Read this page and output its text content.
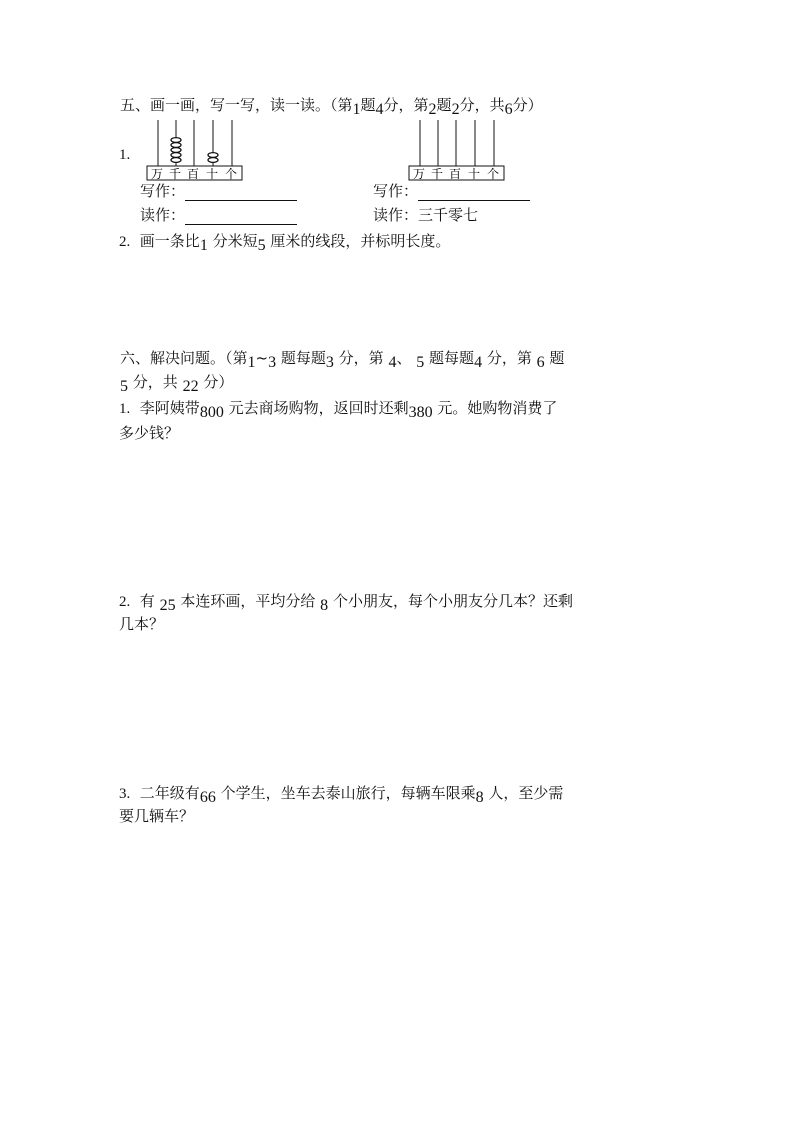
五、画一画，写一写，读一读。（第1题4分，第2题2分，共6分）
1.
万 千 百 十 个	万 千 百 十 个
写作：
读作：
写作：
读作：三千零七
2. 画一条比1 分米短5 厘米的线段，并标明长度。
六、解决问题。（第1~3 题每题3 分，第 4、 5 题每题4 分，第 6 题
5 分，共 22 分）
1. 李阿姨带800 元去商场购物，返回时还剩380 元。她购物消费了
多少钱？
2. 有 25 本连环画，平均分给 8 个小朋友，每个小朋友分几本？还剩
几本？
3. 二年级有66 个学生，坐车去泰山旅行，每辆车限乘8 人，至少需
要几辆车？
